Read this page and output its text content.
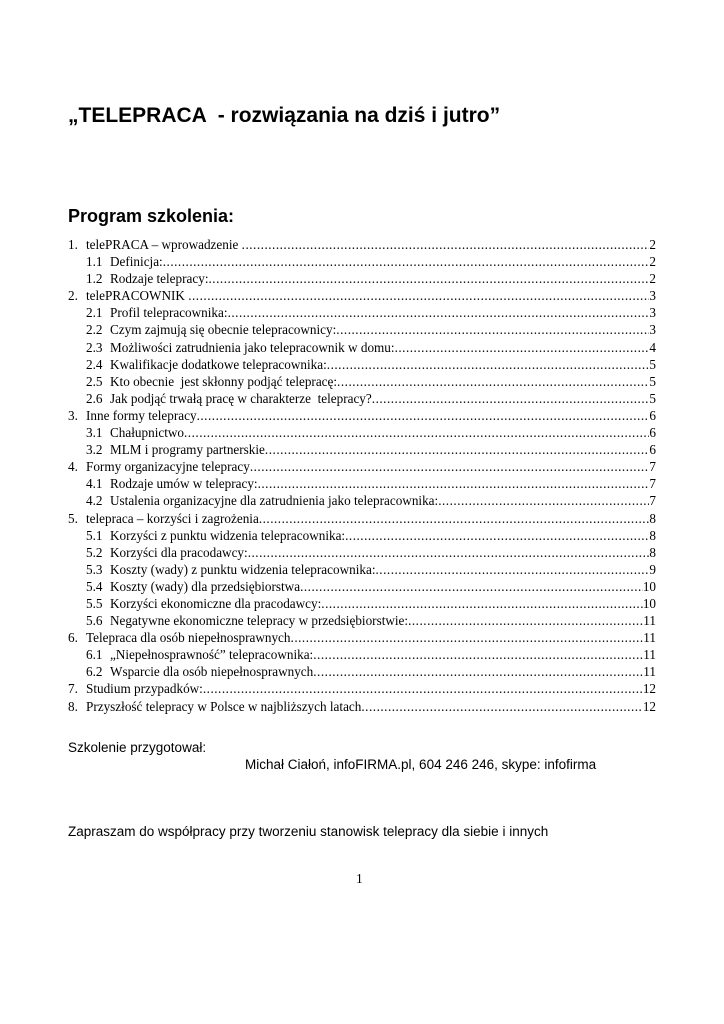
„TELEPRACA  - rozwiązania na dziś i jutro”
Program szkolenia:
1. telePRACA – wprowadzenie .....	2
1.1 Definicja: .....	2
1.2 Rodzaje telepracy: .....	2
2. telePRACOWNIK .....	3
2.1 Profil telepracownika: .....	3
2.2 Czym zajmują się obecnie telepracownicy: .....	3
2.3 Możliwości zatrudnienia jako telepracownik w domu: .....	4
2.4 Kwalifikacje dodatkowe telepracownika: .....	5
2.5 Kto obecnie  jest skłonny podjąć telepracę: .....	5
2.6 Jak podjąć trwałą pracę w charakterze  telepracy? .....	5
3. Inne formy telepracy .....	6
3.1 Chałupnictwo .....	6
3.2 MLM i programy partnerskie .....	6
4. Formy organizacyjne telepracy .....	7
4.1 Rodzaje umów w telepracy: .....	7
4.2 Ustalenia organizacyjne dla zatrudnienia jako telepracownika: .....	7
5. telepraca – korzyści i zagrożenia .....	8
5.1 Korzyści z punktu widzenia telepracownika: .....	8
5.2 Korzyści dla pracodawcy: .....	8
5.3 Koszty (wady) z punktu widzenia telepracownika: .....	9
5.4 Koszty (wady) dla przedsiębiorstwa .....	10
5.5 Korzyści ekonomiczne dla pracodawcy: .....	10
5.6 Negatywne ekonomiczne telepracy w przedsiębiorstwie: .....	11
6. Telepraca dla osób niepełnosprawnych .....	11
6.1 „Niepełnosprawność” telepracownika: .....	11
6.2 Wsparcie dla osób niepełnosprawnych .....	11
7. Studium przypadków: .....	12
8. Przyszłość telepracy w Polsce w najbliższych latach .....	12
Szkolenie przygotował:
Michał Ciałoń, infoFIRMA.pl, 604 246 246, skype: infofirma
Zapraszam do współpracy przy tworzeniu stanowisk telepracy dla siebie i innych
1
